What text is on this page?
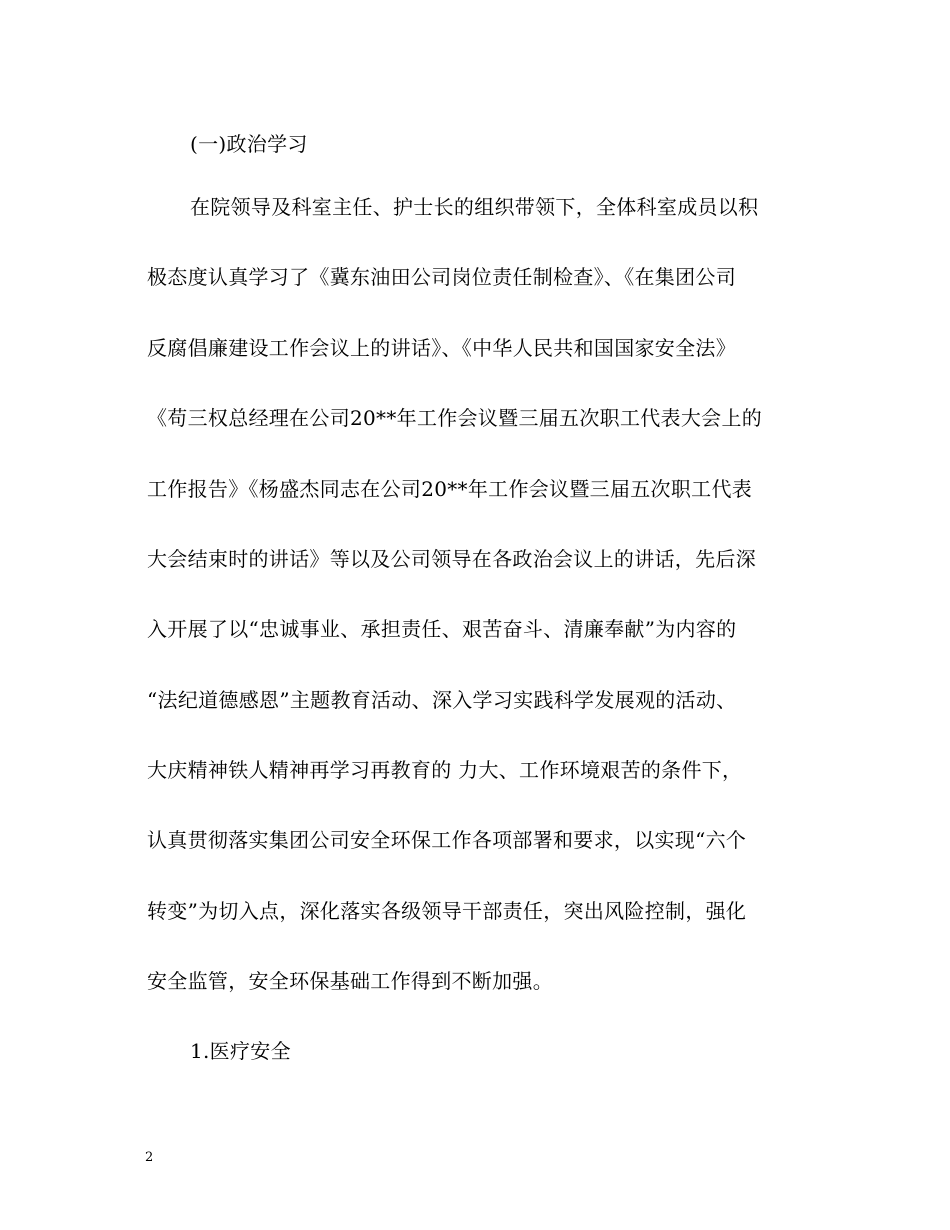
(一)政治学习
在院领导及科室主任、护士长的组织带领下，全体科室成员以积
极态度认真学习了《冀东油田公司岗位责任制检查》、《在集团公司
反腐倡廉建设工作会议上的讲话》、《中华人民共和国国家安全法》
《苟三权总经理在公司20**年工作会议暨三届五次职工代表大会上的
工作报告》《杨盛杰同志在公司20**年工作会议暨三届五次职工代表
大会结束时的讲话》等以及公司领导在各政治会议上的讲话，先后深
入开展了以“忠诚事业、承担责任、艰苦奋斗、清廉奉献”为内容的
“法纪道德感恩”主题教育活动、深入学习实践科学发展观的活动、
大庆精神铁人精神再学习再教育的 力大、工作环境艰苦的条件下，
认真贯彻落实集团公司安全环保工作各项部署和要求，以实现“六个
转变”为切入点，深化落实各级领导干部责任，突出风险控制，强化
安全监管，安全环保基础工作得到不断加强。
1.医疗安全
2
